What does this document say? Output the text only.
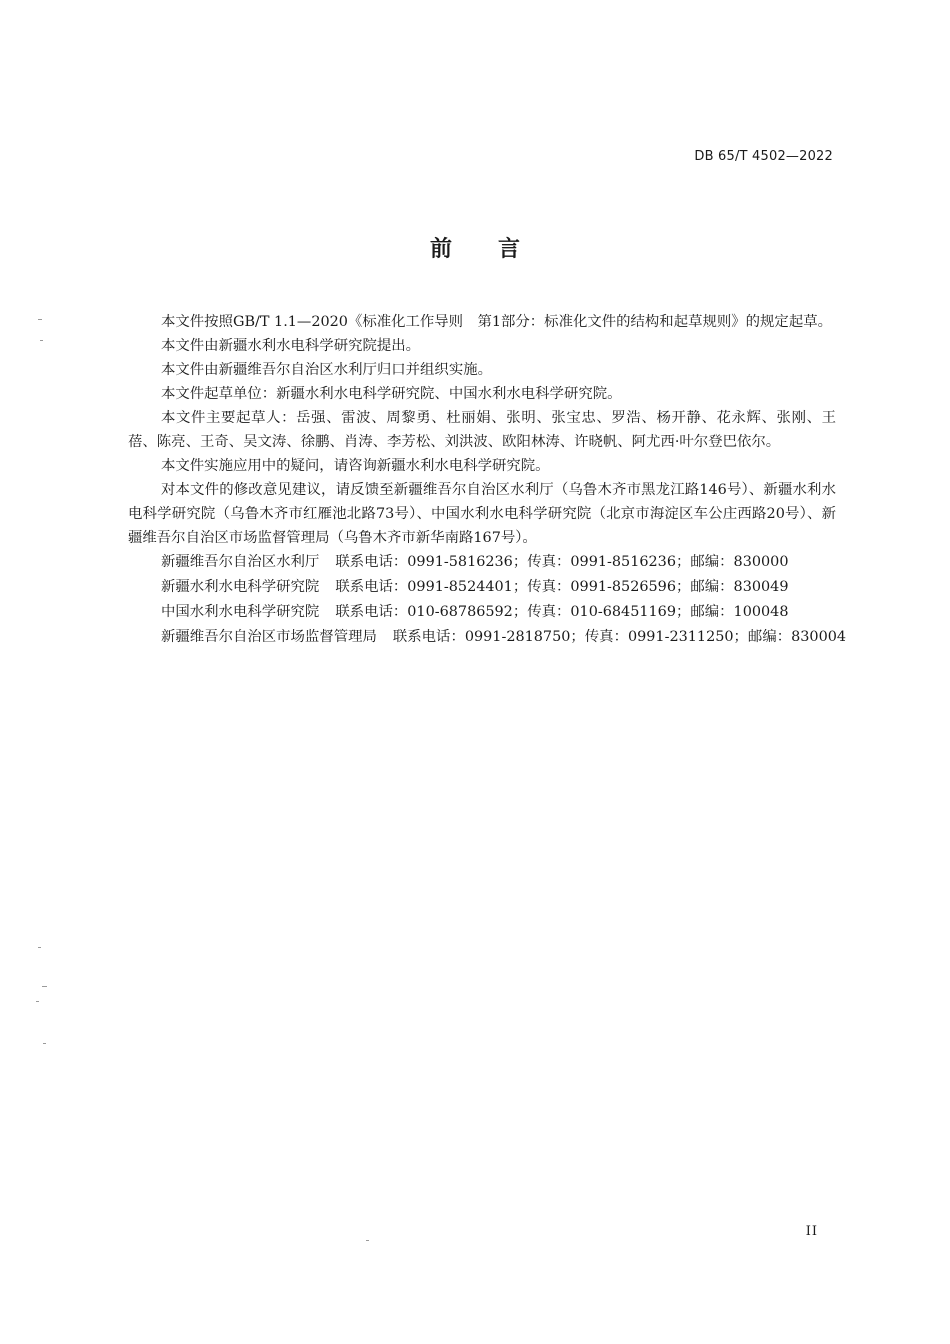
DB 65/T 4502—2022
前言

本文件按照GB/T 1.1—2020《标准化工作导则　第1部分：标准化文件的结构和起草规则》的规定起草。

本文件由新疆水利水电科学研究院提出。

本文件由新疆维吾尔自治区水利厅归口并组织实施。

本文件起草单位：新疆水利水电科学研究院、中国水利水电科学研究院。

本文件主要起草人：岳强、雷波、周黎勇、杜丽娟、张明、张宝忠、罗浩、杨开静、花永辉、张刚、王蓓、陈亮、王奇、吴文涛、徐鹏、肖涛、李芳松、刘洪波、欧阳林涛、许晓帆、阿尤西·叶尔登巴依尔。

本文件实施应用中的疑问，请咨询新疆水利水电科学研究院。

对本文件的修改意见建议，请反馈至新疆维吾尔自治区水利厅（乌鲁木齐市黑龙江路146号）、新疆水利水电科学研究院（乌鲁木齐市红雁池北路73号）、中国水利水电科学研究院（北京市海淀区车公庄西路20号）、新疆维吾尔自治区市场监督管理局（乌鲁木齐市新华南路167号）。

新疆维吾尔自治区水利厅 联系电话：0991-5816236；传真：0991-8516236；邮编：830000
新疆水利水电科学研究院 联系电话：0991-8524401；传真：0991-8526596；邮编：830049
中国水利水电科学研究院 联系电话：010-68786592；传真：010-68451169；邮编：100048
新疆维吾尔自治区市场监督管理局 联系电话：0991-2818750；传真：0991-2311250；邮编：830004
II
